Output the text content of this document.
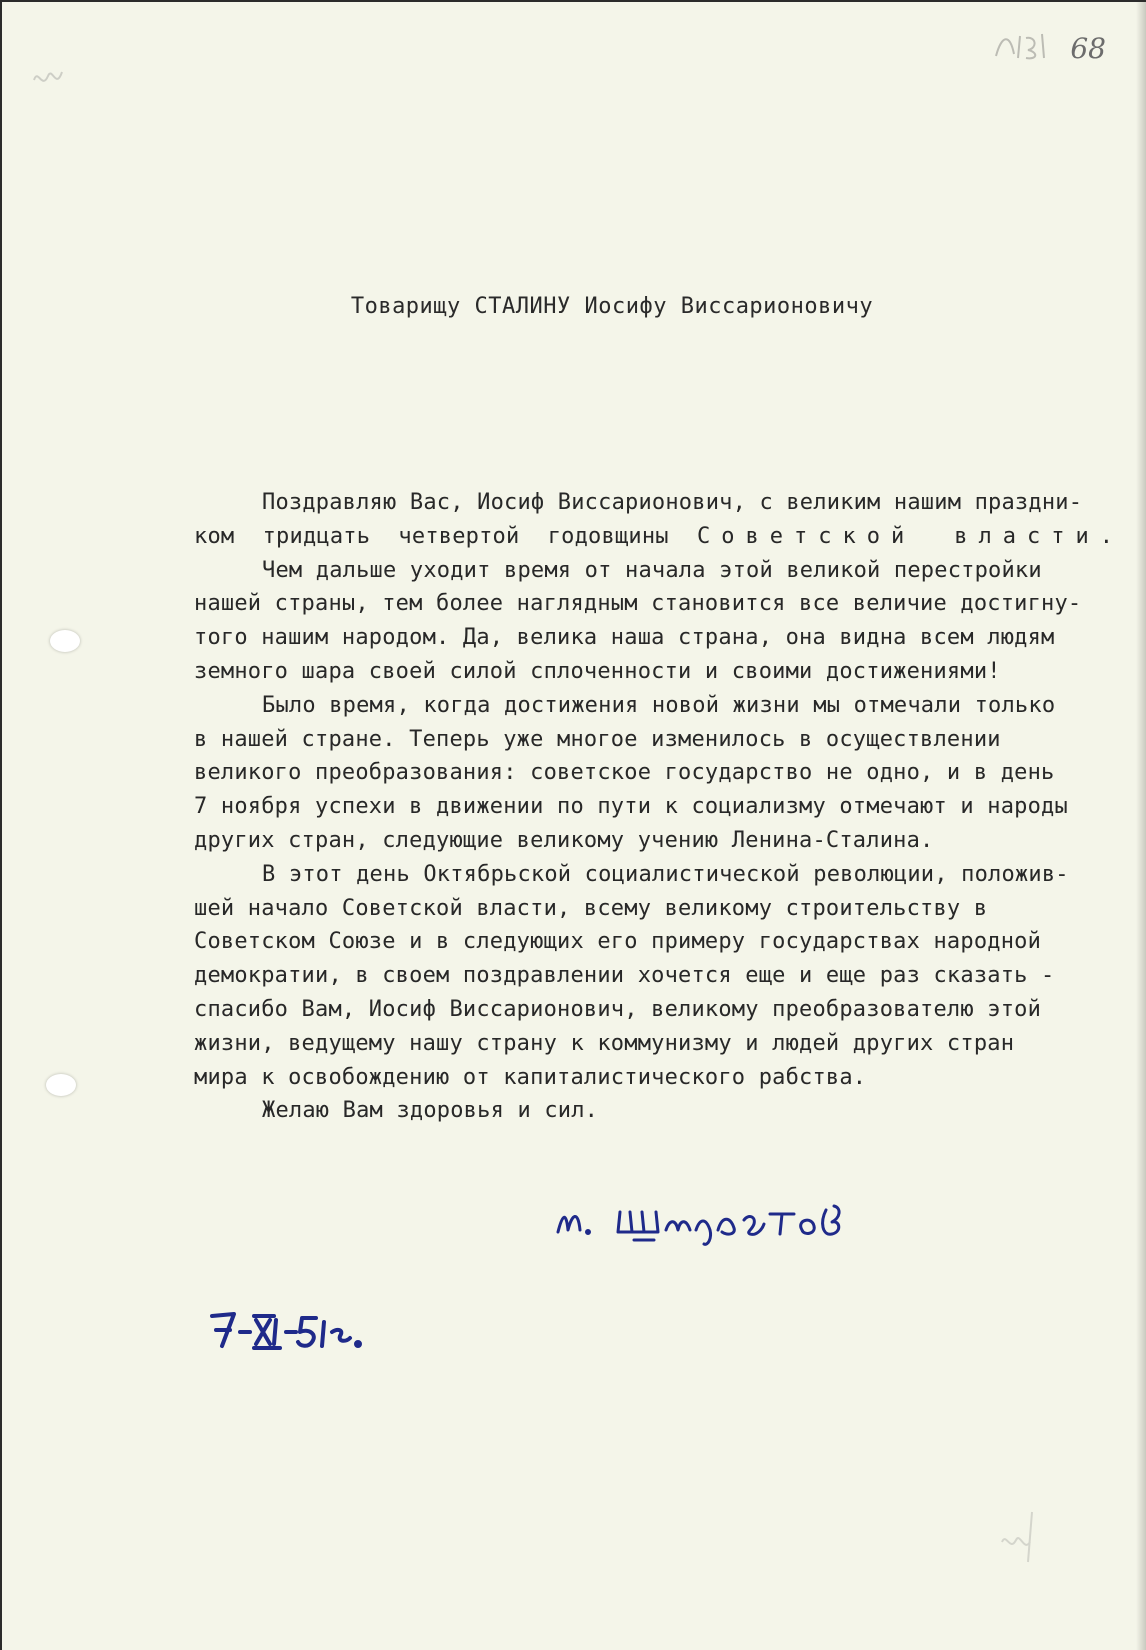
68
Товарищу СТАЛИНУ Иосифу Виссарионовичу
Поздравляю Вас, Иосиф Виссарионович, с великим нашим праздни-
ком тридцать четвертой годовщины Советской власти.
Чем дальше уходит время от начала этой великой перестройки
нашей страны, тем более наглядным становится все величие достигну-
того нашим народом. Да, велика наша страна, она видна всем людям
земного шара своей силой сплоченности и своими достижениями!
Было время, когда достижения новой жизни мы отмечали только
в нашей стране. Теперь уже многое изменилось в осуществлении
великого преобразования: советское государство не одно, и в день
7 ноября успехи в движении по пути к социализму отмечают и народы
других стран, следующие великому учению Ленина-Сталина.
В этот день Октябрьской социалистической революции, положив-
шей начало Советской власти, всему великому строительству в
Советском Союзе и в следующих его примеру государствах народной
демократии, в своем поздравлении хочется еще и еще раз сказать -
спасибо Вам, Иосиф Виссарионович, великому преобразователю этой
жизни, ведущему нашу страну к коммунизму и людей других стран
мира к освобождению от капиталистического рабства.
Желаю Вам здоровья и сил.
